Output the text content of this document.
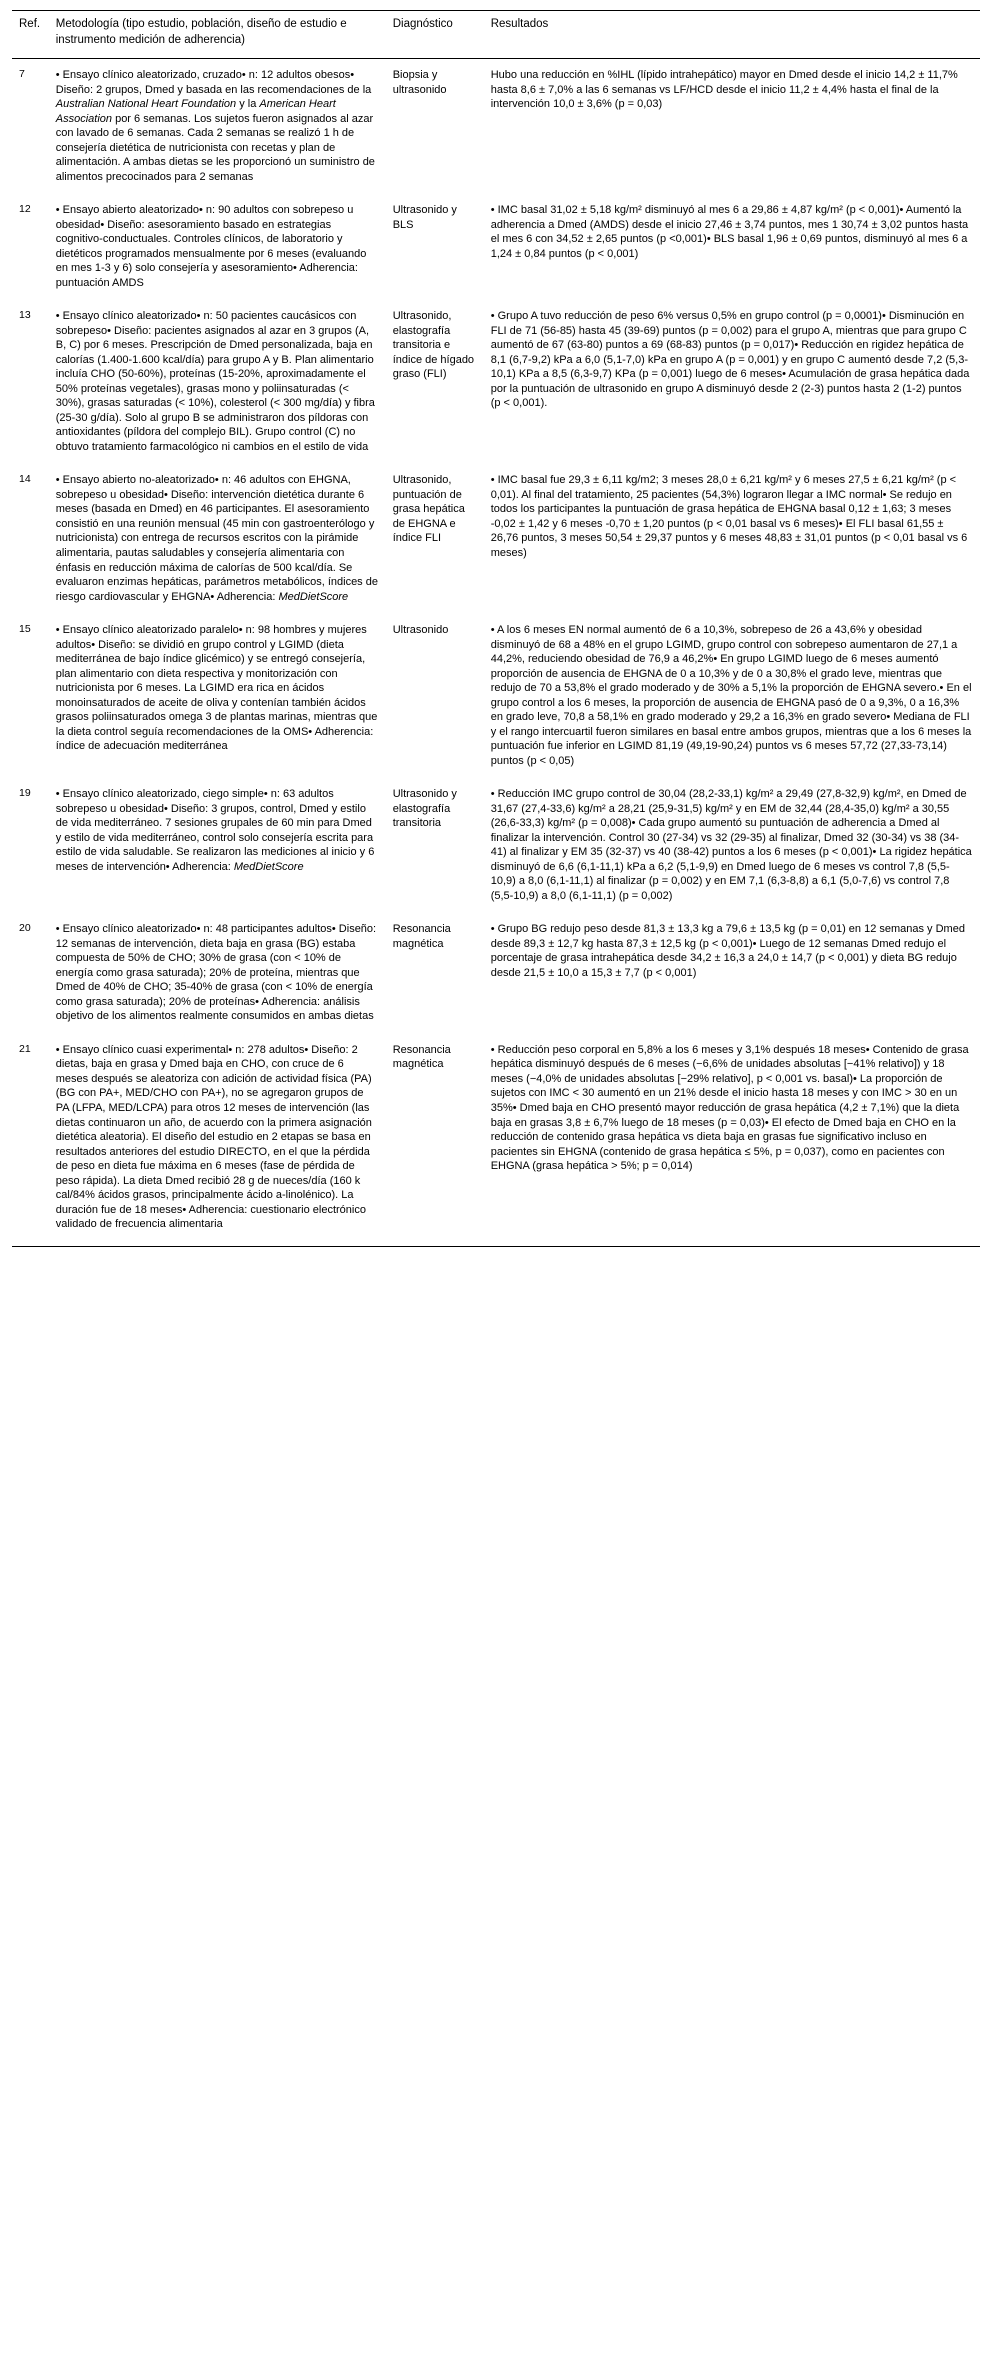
Ref.	Metodología (tipo estudio, población, diseño de estudio e instrumento medición de adherencia)	Diagnóstico	Resultados
7	• Ensayo clínico aleatorizado, cruzado• n: 12 adultos obesos• Diseño: 2 grupos, Dmed y basada en las recomendaciones de la Australian National Heart Foundation y la American Heart Association por 6 semanas. Los sujetos fueron asignados al azar con lavado de 6 semanas. Cada 2 semanas se realizó 1 h de consejería dietética de nutricionista con recetas y plan de alimentación. A ambas dietas se les proporcionó un suministro de alimentos precocinados para 2 semanas	Biopsia y ultrasonido	Hubo una reducción en %IHL (lípido intrahepático) mayor en Dmed desde el inicio 14,2 ± 11,7% hasta 8,6 ± 7,0% a las 6 semanas vs LF/HCD desde el inicio 11,2 ± 4,4% hasta el final de la intervención 10,0 ± 3,6% (p = 0,03)
12	• Ensayo abierto aleatorizado• n: 90 adultos con sobrepeso u obesidad• Diseño: asesoramiento basado en estrategias cognitivo-conductuales. Controles clínicos, de laboratorio y dietéticos programados mensualmente por 6 meses (evaluando en mes 1-3 y 6) solo consejería y asesoramiento• Adherencia: puntuación AMDS	Ultrasonido y BLS	• IMC basal 31,02 ± 5,18 kg/m² disminuyó al mes 6 a 29,86 ± 4,87 kg/m² (p < 0,001)• Aumentó la adherencia a Dmed (AMDS) desde el inicio 27,46 ± 3,74 puntos, mes 1 30,74 ± 3,02 puntos hasta el mes 6 con 34,52 ± 2,65 puntos (p <0,001)• BLS basal 1,96 ± 0,69 puntos, disminuyó al mes 6 a 1,24 ± 0,84 puntos (p < 0,001)
13	• Ensayo clínico aleatorizado• n: 50 pacientes caucásicos con sobrepeso• Diseño: pacientes asignados al azar en 3 grupos (A, B, C) por 6 meses. Prescripción de Dmed personalizada, baja en calorías (1.400-1.600 kcal/día) para grupo A y B. Plan alimentario incluía CHO (50-60%), proteínas (15-20%, aproximadamente el 50% proteínas vegetales), grasas mono y poliinsaturadas (< 30%), grasas saturadas (< 10%), colesterol (< 300 mg/día) y fibra (25-30 g/día). Solo al grupo B se administraron dos píldoras con antioxidantes (píldora del complejo BIL). Grupo control (C) no obtuvo tratamiento farmacológico ni cambios en el estilo de vida	Ultrasonido, elastografía transitoria e índice de hígado graso (FLI)	• Grupo A tuvo reducción de peso 6% versus 0,5% en grupo control (p = 0,0001)• Disminución en FLI de 71 (56-85) hasta 45 (39-69) puntos (p = 0,002) para el grupo A, mientras que para grupo C aumentó de 67 (63-80) puntos a 69 (68-83) puntos (p = 0,017)• Reducción en rigidez hepática de 8,1 (6,7-9,2) kPa a 6,0 (5,1-7,0) kPa en grupo A (p = 0,001) y en grupo C aumentó desde 7,2 (5,3-10,1) KPa a 8,5 (6,3-9,7) KPa (p = 0,001) luego de 6 meses• Acumulación de grasa hepática dada por la puntuación de ultrasonido en grupo A disminuyó desde 2 (2-3) puntos hasta 2 (1-2) puntos (p < 0,001).
14	• Ensayo abierto no-aleatorizado• n: 46 adultos con EHGNA, sobrepeso u obesidad• Diseño: intervención dietética durante 6 meses (basada en Dmed) en 46 participantes. El asesoramiento consistió en una reunión mensual (45 min con gastroenterólogo y nutricionista) con entrega de recursos escritos con la pirámide alimentaria, pautas saludables y consejería alimentaria con énfasis en reducción máxima de calorías de 500 kcal/día. Se evaluaron enzimas hepáticas, parámetros metabólicos, índices de riesgo cardiovascular y EHGNA• Adherencia: MedDietScore	Ultrasonido, puntuación de grasa hepática de EHGNA e índice FLI	• IMC basal fue 29,3 ± 6,11 kg/m2; 3 meses 28,0 ± 6,21 kg/m² y 6 meses 27,5 ± 6,21 kg/m² (p < 0,01). Al final del tratamiento, 25 pacientes (54,3%) lograron llegar a IMC normal• Se redujo en todos los participantes la puntuación de grasa hepática de EHGNA basal 0,12 ± 1,63; 3 meses -0,02 ± 1,42 y 6 meses -0,70 ± 1,20 puntos (p < 0,01 basal vs 6 meses)• El FLI basal 61,55 ± 26,76 puntos, 3 meses 50,54 ± 29,37 puntos y 6 meses 48,83 ± 31,01 puntos (p < 0,01 basal vs 6 meses)
15	• Ensayo clínico aleatorizado paralelo• n: 98 hombres y mujeres adultos• Diseño: se dividió en grupo control y LGIMD (dieta mediterránea de bajo índice glicémico) y se entregó consejería, plan alimentario con dieta respectiva y monitorización con nutricionista por 6 meses. La LGIMD era rica en ácidos monoinsaturados de aceite de oliva y contenían también ácidos grasos poliinsaturados omega 3 de plantas marinas, mientras que la dieta control seguía recomendaciones de la OMS• Adherencia: índice de adecuación mediterránea	Ultrasonido	• A los 6 meses EN normal aumentó de 6 a 10,3%, sobrepeso de 26 a 43,6% y obesidad disminuyó de 68 a 48% en el grupo LGIMD, grupo control con sobrepeso aumentaron de 27,1 a 44,2%, reduciendo obesidad de 76,9 a 46,2%• En grupo LGIMD luego de 6 meses aumentó proporción de ausencia de EHGNA de 0 a 10,3% y de 0 a 30,8% el grado leve, mientras que redujo de 70 a 53,8% el grado moderado y de 30% a 5,1% la proporción de EHGNA severo.• En el grupo control a los 6 meses, la proporción de ausencia de EHGNA pasó de 0 a 9,3%, 0 a 16,3% en grado leve, 70,8 a 58,1% en grado moderado y 29,2 a 16,3% en grado severo• Mediana de FLI y el rango intercuartil fueron similares en basal entre ambos grupos, mientras que a los 6 meses la puntuación fue inferior en LGIMD 81,19 (49,19-90,24) puntos vs 6 meses 57,72 (27,33-73,14) puntos (p < 0,05)
19	• Ensayo clínico aleatorizado, ciego simple• n: 63 adultos sobrepeso u obesidad• Diseño: 3 grupos, control, Dmed y estilo de vida mediterráneo. 7 sesiones grupales de 60 min para Dmed y estilo de vida mediterráneo, control solo consejería escrita para estilo de vida saludable. Se realizaron las mediciones al inicio y 6 meses de intervención• Adherencia: MedDietScore	Ultrasonido y elastografía transitoria	• Reducción IMC grupo control de 30,04 (28,2-33,1) kg/m² a 29,49 (27,8-32,9) kg/m², en Dmed de 31,67 (27,4-33,6) kg/m² a 28,21 (25,9-31,5) kg/m² y en EM de 32,44 (28,4-35,0) kg/m² a 30,55 (26,6-33,3) kg/m² (p = 0,008)• Cada grupo aumentó su puntuación de adherencia a Dmed al finalizar la intervención. Control 30 (27-34) vs 32 (29-35) al finalizar, Dmed 32 (30-34) vs 38 (34-41) al finalizar y EM 35 (32-37) vs 40 (38-42) puntos a los 6 meses (p < 0,001)• La rigidez hepática disminuyó de 6,6 (6,1-11,1) kPa a 6,2 (5,1-9,9) en Dmed luego de 6 meses vs control 7,8 (5,5-10,9) a 8,0 (6,1-11,1) al finalizar (p = 0,002) y en EM 7,1 (6,3-8,8) a 6,1 (5,0-7,6) vs control 7,8 (5,5-10,9) a 8,0 (6,1-11,1) (p = 0,002)
20	• Ensayo clínico aleatorizado• n: 48 participantes adultos• Diseño: 12 semanas de intervención, dieta baja en grasa (BG) estaba compuesta de 50% de CHO; 30% de grasa (con < 10% de energía como grasa saturada); 20% de proteína, mientras que Dmed de 40% de CHO; 35-40% de grasa (con < 10% de energía como grasa saturada); 20% de proteínas• Adherencia: análisis objetivo de los alimentos realmente consumidos en ambas dietas	Resonancia magnética	• Grupo BG redujo peso desde 81,3 ± 13,3 kg a 79,6 ± 13,5 kg (p = 0,01) en 12 semanas y Dmed desde 89,3 ± 12,7 kg hasta 87,3 ± 12,5 kg (p < 0,001)• Luego de 12 semanas Dmed redujo el porcentaje de grasa intrahepática desde 34,2 ± 16,3 a 24,0 ± 14,7 (p < 0,001) y dieta BG redujo desde 21,5 ± 10,0 a 15,3 ± 7,7 (p < 0,001)
21	• Ensayo clínico cuasi experimental• n: 278 adultos• Diseño: 2 dietas, baja en grasa y Dmed baja en CHO, con cruce de 6 meses después se aleatoriza con adición de actividad física (PA) (BG con PA+, MED/CHO con PA+), no se agregaron grupos de PA (LFPA, MED/LCPA) para otros 12 meses de intervención (las dietas continuaron un año, de acuerdo con la primera asignación dietética aleatoria). El diseño del estudio en 2 etapas se basa en resultados anteriores del estudio DIRECTO, en el que la pérdida de peso en dieta fue máxima en 6 meses (fase de pérdida de peso rápida). La dieta Dmed recibió 28 g de nueces/día (160 k cal/84% ácidos grasos, principalmente ácido a-linolénico). La duración fue de 18 meses• Adherencia: cuestionario electrónico validado de frecuencia alimentaria	Resonancia magnética	• Reducción peso corporal en 5,8% a los 6 meses y 3,1% después 18 meses• Contenido de grasa hepática disminuyó después de 6 meses (−6,6% de unidades absolutas [−41% relativo]) y 18 meses (−4,0% de unidades absolutas [−29% relativo], p < 0,001 vs. basal)• La proporción de sujetos con IMC < 30 aumentó en un 21% desde el inicio hasta 18 meses y con IMC > 30 en un 35%• Dmed baja en CHO presentó mayor reducción de grasa hepática (4,2 ± 7,1%) que la dieta baja en grasas 3,8 ± 6,7% luego de 18 meses (p = 0,03)• El efecto de Dmed baja en CHO en la reducción de contenido grasa hepática vs dieta baja en grasas fue significativo incluso en pacientes sin EHGNA (contenido de grasa hepática ≤ 5%, p = 0,037), como en pacientes con EHGNA (grasa hepática > 5%; p = 0,014)
